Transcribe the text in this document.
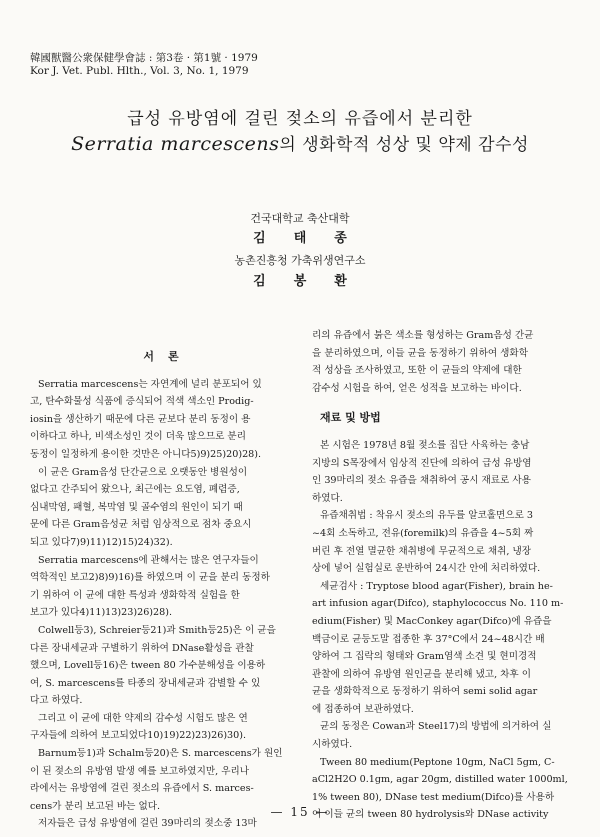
韓國獸醫公衆保健學會誌 : 第3卷 · 第1號 · 1979
Kor J. Vet. Publ. Hlth., Vol. 3, No. 1, 1979
급성 유방염에 걸린 젖소의 유즙에서 분리한
Serratia marcescens의 생화학적 성상 및 약제 감수성
건국대학교 축산대학
김태종
농촌진흥청 가축위생연구소
김봉환

서론

Serratia marcescens는 자연계에 널리 분포되어 있

고, 탄수화물성 식품에 증식되어 적색 색소인 Prodig-

iosin을 생산하기 때문에 다른 균보다 분리 동정이 용

이하다고 하나, 비색소성인 것이 더욱 많으므로 분리

동정이 일정하게 용이한 것만은 아니다5)9)25)20)28).

이 균은 Gram음성 단간균으로 오랫동안 병원성이

없다고 간주되어 왔으나, 최근에는 요도염, 폐렴증,

심내막염, 패혈, 복막염 및 골수염의 원인이 되기 때

문에 다른 Gram음성균 처럼 임상적으로 점차 중요시

되고 있다7)9)11)12)15)24)32).

Serratia marcescens에 관해서는 많은 연구자들이

역학적인 보고2)8)9)16)를 하였으며 이 균을 분리 동정하

기 위하여 이 균에 대한 특성과 생화학적 실험을 한

보고가 있다4)11)13)23)26)28).

Colwell등3), Schreier등21)과 Smith등25)은 이 균을

다른 장내세균과 구별하기 위하여 DNase활성을 관찰

했으며, Lovell등16)은 tween 80 가수분해성을 이용하

여, S. marcescens를 타종의 장내세균과 감별할 수 있

다고 하였다.

그리고 이 균에 대한 약제의 감수성 시험도 많은 연

구자들에 의하여 보고되었다10)19)22)23)26)30).

Barnum등1)과 Schalm등20)은 S. marcescens가 원인

이 된 젖소의 유방염 발생 예를 보고하였지만, 우리나

라에서는 유방염에 걸린 젖소의 유즙에서 S. marces-

cens가 분리 보고된 바는 없다.

저자들은 급성 유방염에 걸린 39마리의 젖소중 13마

리의 유즙에서 붉은 색소를 형성하는 Gram음성 간균

을 분리하였으며, 이들 균을 동정하기 위하여 생화학

적 성상을 조사하였고, 또한 이 균들의 약제에 대한

감수성 시험을 하여, 얻은 성적을 보고하는 바이다.

재료 및 방법

본 시험은 1978년 8월 젖소를 집단 사육하는 충남

지방의 S목장에서 임상적 진단에 의하여 급성 유방염

인 39마리의 젖소 유즙을 채취하여 공시 재료로 사용

하였다.

유즙채취법 : 착유시 젖소의 유두를 알코홀면으로 3

~4회 소독하고, 전유(foremilk)의 유즙을 4~5회 짜

버린 후 전열 멸균한 채취병에 무균적으로 채취, 냉장

상에 넣어 실험실로 운반하여 24시간 안에 처리하였다.

세균검사 : Tryptose blood agar(Fisher), brain he-

art infusion agar(Difco), staphylococcus No. 110 m-

edium(Fisher) 및 MacConkey agar(Difco)에 유즙을

백금이로 균등도말 접종한 후 37°C에서 24~48시간 배

양하여 그 집락의 형태와 Gram염색 소견 및 현미경적

관찰에 의하여 유방염 원인균을 분리해 냈고, 차후 이

균을 생화학적으로 동정하기 위하여 semi solid agar

에 접종하여 보관하였다.

균의 동정은 Cowan과 Steel17)의 방법에 의거하여 실

시하였다.

Tween 80 medium(Peptone 10gm, NaCl 5gm, C-

aCl2H2O 0.1gm, agar 20gm, distilled water 1000ml,

1% tween 80), DNase test medium(Difco)를 사용하

여 이들 균의 tween 80 hydrolysis와 DNase activity

— 15 —
